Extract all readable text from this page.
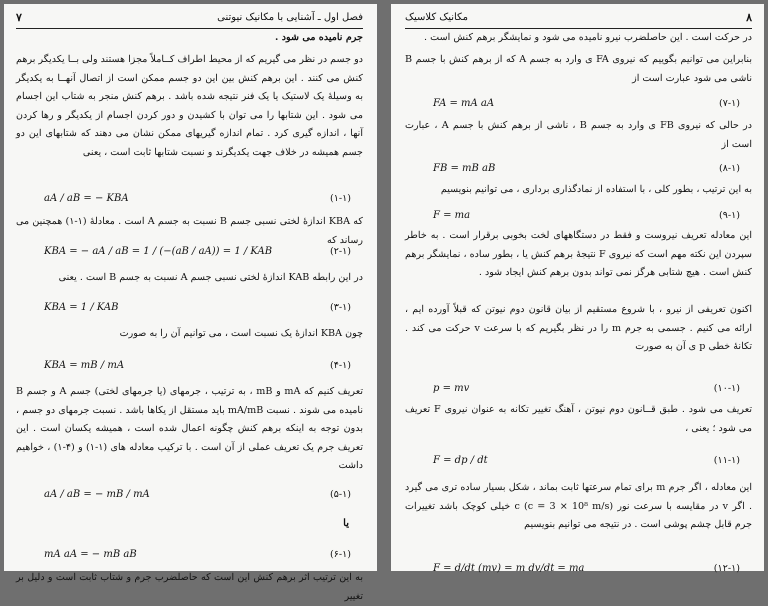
فصل اول ـ آشنایی با مکانیک نیوتنی
۷

جرم نامیده می شود .

دو جسم در نظر می گیریم که از محیط اطراف کــاملاً مجزا هستند ولی بــا یکدیگر برهم کنش می کنند . این برهم کنش بین این دو جسم ممکن است از اتصال آنهــا به یکدیگر به وسیلهٔ یک لاستیک یا یک فنر نتیجه شده باشد . برهم کنش منجر به شتاب این اجسام می شود . این شتابها را می توان با کشیدن و دور کردن اجسام از یکدیگر و رها کردن آنها ، اندازه گیری کرد . تمام اندازه گیریهای ممکن نشان می دهند که شتابهای این دو جسم همیشه در خلاف جهت یکدیگرند و نسبت شتابها ثابت است ، یعنی

aA / aB = − KBA	(۱-۱)

که KBA اندازهٔ لختی نسبی جسم B نسبت به جسم A است . معادلهٔ (۱-۱) همچنین می رساند که

KBA = − aA / aB = 1 / (−(aB / aA)) = 1 / KAB	(۲-۱)

در این رابطه KAB اندازهٔ لختی نسبی جسم A نسبت به جسم B است . یعنی

KBA = 1 / KAB	(۳-۱)

چون KBA اندازهٔ یک نسبت است ، می توانیم آن را به صورت

KBA = mB / mA	(۴-۱)

تعریف کنیم که mA و mB ، به ترتیب ، جرمهای (یا جرمهای لختی) جسم A و جسم B نامیده می شوند . نسبت mA/mB باید مستقل از یکاها باشد . نسبت جرمهای دو جسم ، بدون توجه به اینکه برهم کنش چگونه اعمال شده است ، همیشه یکسان است . این تعریف جرم یک تعریف عملی از آن است . با ترکیب معادله های (۱-۱) و (۴-۱) ، خواهیم داشت

aA / aB = − mB / mA	(۵-۱)

یا

mA aA = − mB aB	(۶-۱)

به این ترتیب اثر برهم کنش این است که حاصلضرب جرم و شتاب ثابت است و دلیل بر تغییر

مکانیک کلاسیک	۸

در حرکت است . این حاصلضرب نیرو نامیده می شود و نمایشگر برهم کنش است .

بنابراین می توانیم بگوییم که نیروی FA ی وارد به جسم A که از برهم کنش با جسم B ناشی می شود عبارت است از

FA = mA aA	(۷-۱)

در حالی که نیروی FB ی وارد به جسم B ، ناشی از برهم کنش با جسم A ، عبارت است از

FB = mB aB	(۸-۱)

به این ترتیب ، بطور کلی ، با استفاده از نمادگذاری برداری ، می توانیم بنویسیم

F = ma	(۹-۱)

این معادله تعریف نیروست و فقط در دستگاههای لخت بخوبی برقرار است . به خاطر سپردن این نکته مهم است که نیروی F نتیجهٔ برهم کنش یا ، بطور ساده ، نمایشگر برهم کنش است . هیچ شتابی هرگز نمی تواند بدون برهم کنش ایجاد شود .

اکنون تعریفی از نیرو ، با شروع مستقیم از بیان قانون دوم نیوتن که قبلاً آورده ایم ، ارائه می کنیم . جسمی به جرم m را در نظر بگیریم که با سرعت v حرکت می کند . تکانهٔ خطی p ی آن به صورت

p = mv	(۱۰-۱)

تعریف می شود . طبق قــانون دوم نیوتن ، آهنگ تغییر تکانه به عنوان نیروی F تعریف می شود ؛ یعنی ،

F = dp / dt	(۱۱-۱)

این معادله ، اگر جرم m برای تمام سرعتها ثابت بماند ، شکل بسیار ساده تری می گیرد . اگر v در مقایسه با سرعت نور c (c = 3 × 10⁸ m/s) خیلی کوچک باشد تغییرات جرم قابل چشم پوشی است . در نتیجه می توانیم بنویسیم

F = d/dt (mv) = m dv/dt = ma	(۱۲-۱)
